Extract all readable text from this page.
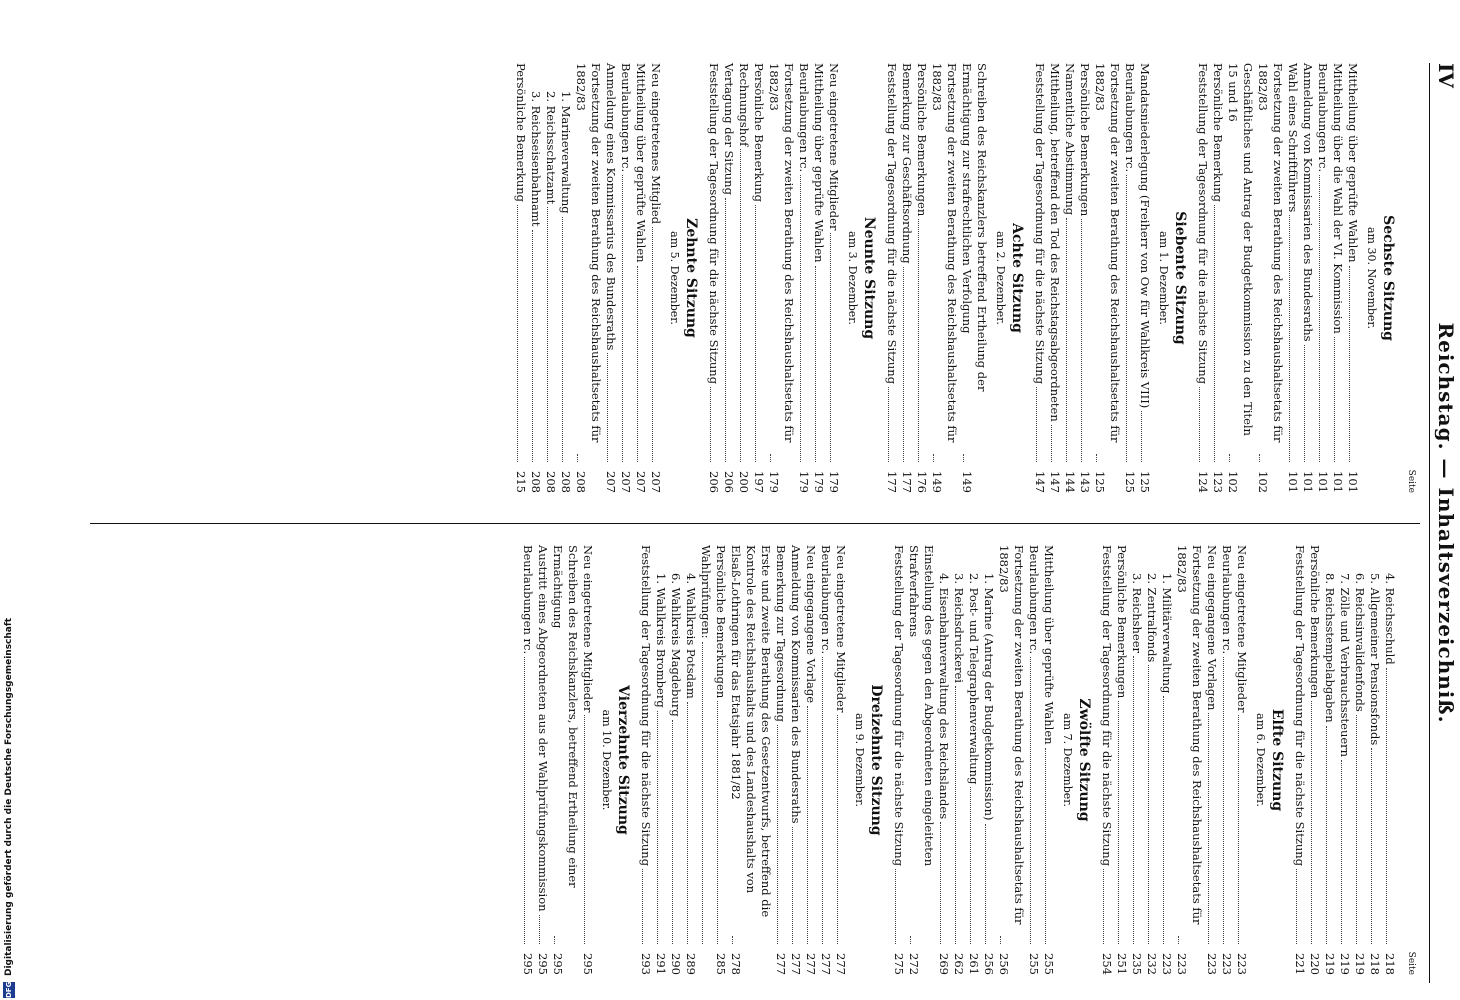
IV
Reichstag. — Inhaltsverzeichniß.
Seite
Sechste Sitzung
am 30. November.
Mittheilung über geprüfte Wahlen
101
Mittheilung über die Wahl der VI. Kommission
101
Beurlaubungen rc.
101
Anmeldung von Kommissarien des Bundesraths
101
Wahl eines Schriftführers
101
Fortsetzung der zweiten Berathung des Reichshaushaltsetats für 1882/83
102
Geschäftliches und Antrag der Budgetkommission zu den Titeln 15 und 16
102
Persönliche Bemerkung
123
Feststellung der Tagesordnung für die nächste Sitzung
124
Siebente Sitzung
am 1. Dezember.
Mandatsniederlegung (Freiherr von Ow für Wahlkreis VIII)
125
Beurlaubungen rc.
125
Fortsetzung der zweiten Berathung des Reichshaushaltsetats für 1882/83
125
Persönliche Bemerkungen
143
Namentliche Abstimmung
144
Mittheilung, betreffend den Tod des Reichstagsabgeordneten
147
Feststellung der Tagesordnung für die nächste Sitzung
147
Achte Sitzung
am 2. Dezember.
Schreiben des Reichskanzlers betreffend Ertheilung der Ermächtigung zur strafrechtlichen Verfolgung
149
Fortsetzung der zweiten Berathung des Reichshaushaltsetats für 1882/83
149
Persönliche Bemerkungen
176
Bemerkung zur Geschäftsordnung
177
Feststellung der Tagesordnung für die nächste Sitzung
177
Neunte Sitzung
am 3. Dezember.
Neu eingetretene Mitglieder
179
Mittheilung über geprüfte Wahlen
179
Beurlaubungen rc.
179
Fortsetzung der zweiten Berathung des Reichshaushaltsetats für 1882/83
179
Persönliche Bemerkung
197
Rechnungshof
200
Vertagung der Sitzung
206
Feststellung der Tagesordnung für die nächste Sitzung
206
Zehnte Sitzung
am 5. Dezember.
Neu eingetretenes Mitglied
207
Mittheilung über geprüfte Wahlen
207
Beurlaubungen rc.
207
Anmeldung eines Kommissarius des Bundesraths
207
Fortsetzung der zweiten Berathung des Reichshaushaltsetats für 1882/83
208
1. Marineverwaltung
208
2. Reichsschatzamt
208
3. Reichseisenbahnamt
208
Persönliche Bemerkung
215
Seite
4. Reichsschuld
218
5. Allgemeiner Pensionsfonds
218
6. Reichsinvalidenfonds
219
7. Zölle und Verbrauchssteuern
219
8. Reichsstempelabgaben
219
Persönliche Bemerkungen
220
Feststellung der Tagesordnung für die nächste Sitzung
221
Elfte Sitzung
am 6. Dezember.
Neu eingetretene Mitglieder
223
Beurlaubungen rc.
223
Neu eingegangene Vorlagen
223
Fortsetzung der zweiten Berathung des Reichshaushaltsetats für 1882/83
223
1. Militärverwaltung
223
2. Zentralfonds
232
3. Reichsheer
235
Persönliche Bemerkungen
251
Feststellung der Tagesordnung für die nächste Sitzung
254
Zwölfte Sitzung
am 7. Dezember.
Mittheilung über geprüfte Wahlen
255
Beurlaubungen rc.
255
Fortsetzung der zweiten Berathung des Reichshaushaltsetats für 1882/83
256
1. Marine (Antrag der Budgetkommission)
256
2. Post- und Telegraphenverwaltung
261
3. Reichsdruckerei
262
4. Eisenbahnverwaltung des Reichslandes
269
Einstellung des gegen den Abgeordneten eingeleiteten Strafverfahrens
272
Feststellung der Tagesordnung für die nächste Sitzung
275
Dreizehnte Sitzung
am 9. Dezember.
Neu eingetretene Mitglieder
277
Beurlaubungen rc.
277
Neu eingegangene Vorlage
277
Anmeldung von Kommissarien des Bundesraths
277
Bemerkung zur Tagesordnung
277
Erste und zweite Berathung des Gesetzentwurfs, betreffend die Kontrole des Reichshaushalts und des Landeshaushalts von Elsaß-Lothringen für das Etatsjahr 1881/82
278
Persönliche Bemerkungen
285
Wahlprüfungen:
4. Wahlkreis Potsdam
289
6. Wahlkreis Magdeburg
290
1. Wahlkreis Bromberg
291
Feststellung der Tagesordnung für die nächste Sitzung
293
Vierzehnte Sitzung
am 10. Dezember.
Neu eingetretene Mitglieder
295
Schreiben des Reichskanzlers, betreffend Ertheilung einer Ermächtigung
295
Austritt eines Abgeordneten aus der Wahlprüfungskommission
295
Beurlaubungen rc.
295
DFGDigitalisierung gefördert durch die Deutsche Forschungsgemeinschaft
